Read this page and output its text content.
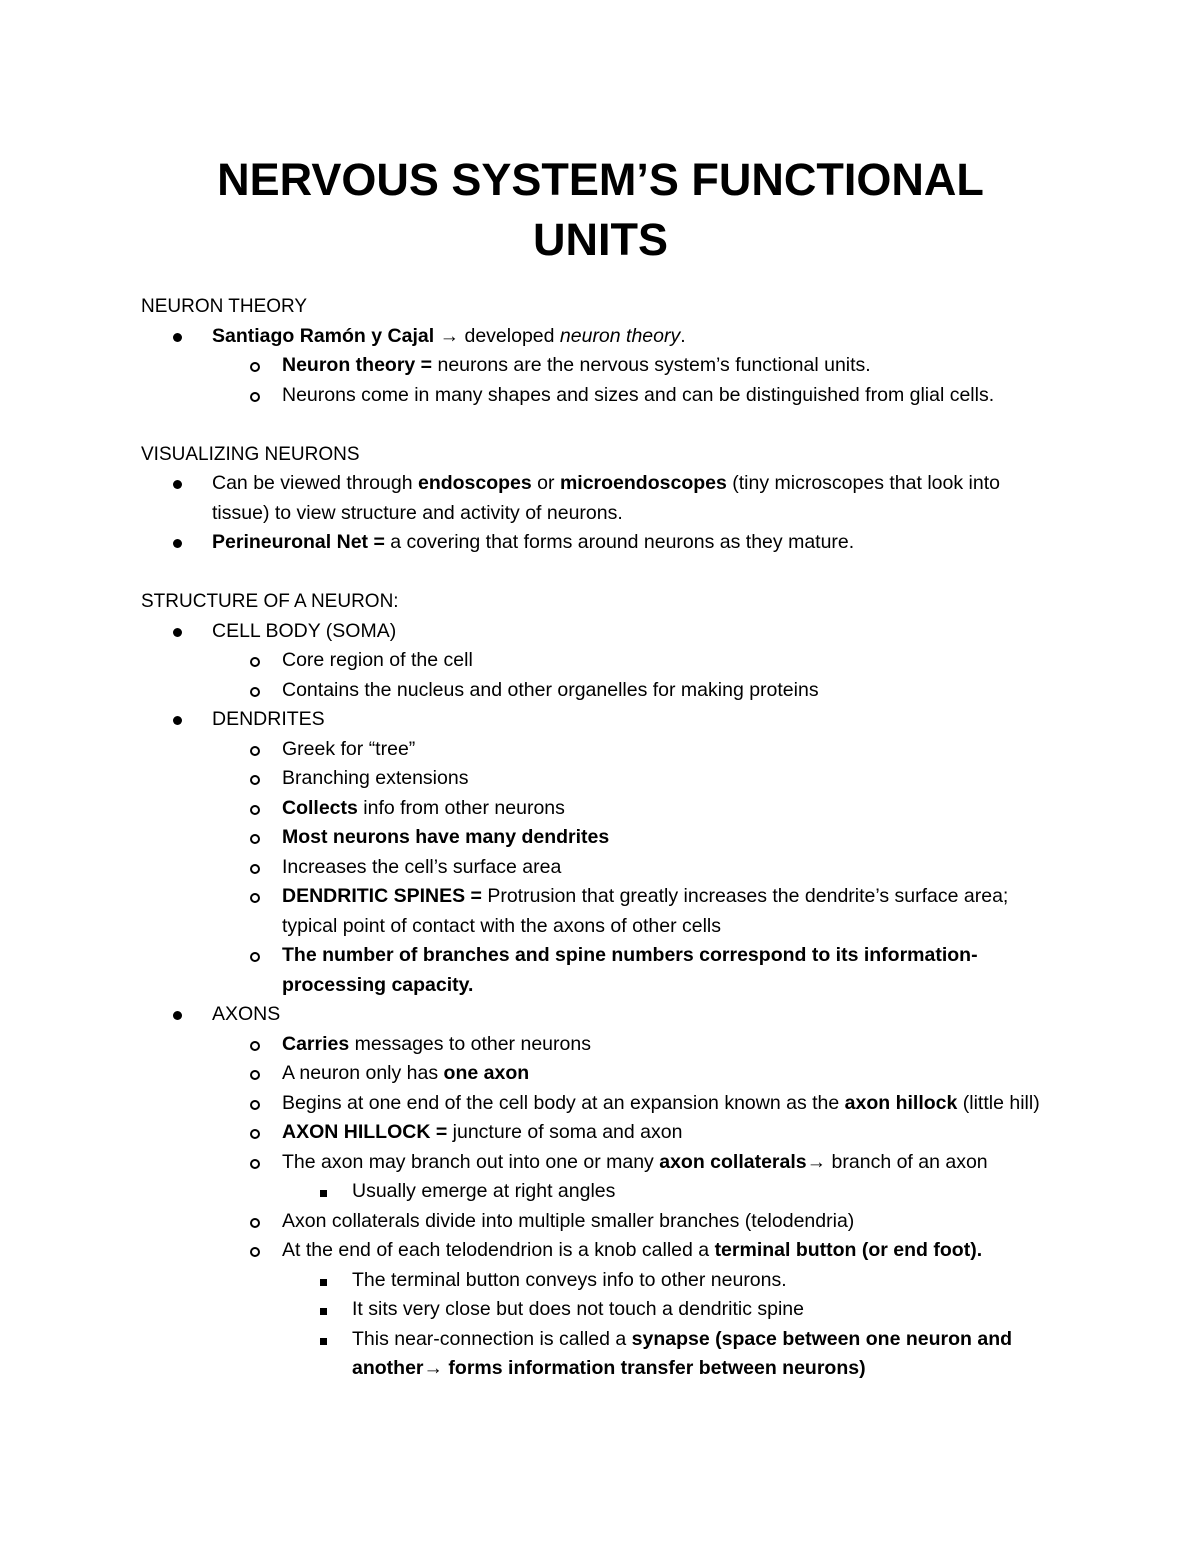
NERVOUS SYSTEM’S FUNCTIONAL UNITS
NEURON THEORY
Santiago Ramón y Cajal → developed neuron theory.
Neuron theory = neurons are the nervous system’s functional units.
Neurons come in many shapes and sizes and can be distinguished from glial cells.
VISUALIZING NEURONS
Can be viewed through endoscopes or microendoscopes (tiny microscopes that look into tissue) to view structure and activity of neurons.
Perineuronal Net = a covering that forms around neurons as they mature.
STRUCTURE OF A NEURON:
CELL BODY (SOMA)
Core region of the cell
Contains the nucleus and other organelles for making proteins
DENDRITES
Greek for “tree”
Branching extensions
Collects info from other neurons
Most neurons have many dendrites
Increases the cell’s surface area
DENDRITIC SPINES = Protrusion that greatly increases the dendrite’s surface area; typical point of contact with the axons of other cells
The number of branches and spine numbers correspond to its information-processing capacity.
AXONS
Carries messages to other neurons
A neuron only has one axon
Begins at one end of the cell body at an expansion known as the axon hillock (little hill)
AXON HILLOCK = juncture of soma and axon
The axon may branch out into one or many axon collaterals→ branch of an axon
Usually emerge at right angles
Axon collaterals divide into multiple smaller branches (telodendria)
At the end of each telodendrion is a knob called a terminal button (or end foot).
The terminal button conveys info to other neurons.
It sits very close but does not touch a dendritic spine
This near-connection is called a synapse (space between one neuron and another→ forms information transfer between neurons)
